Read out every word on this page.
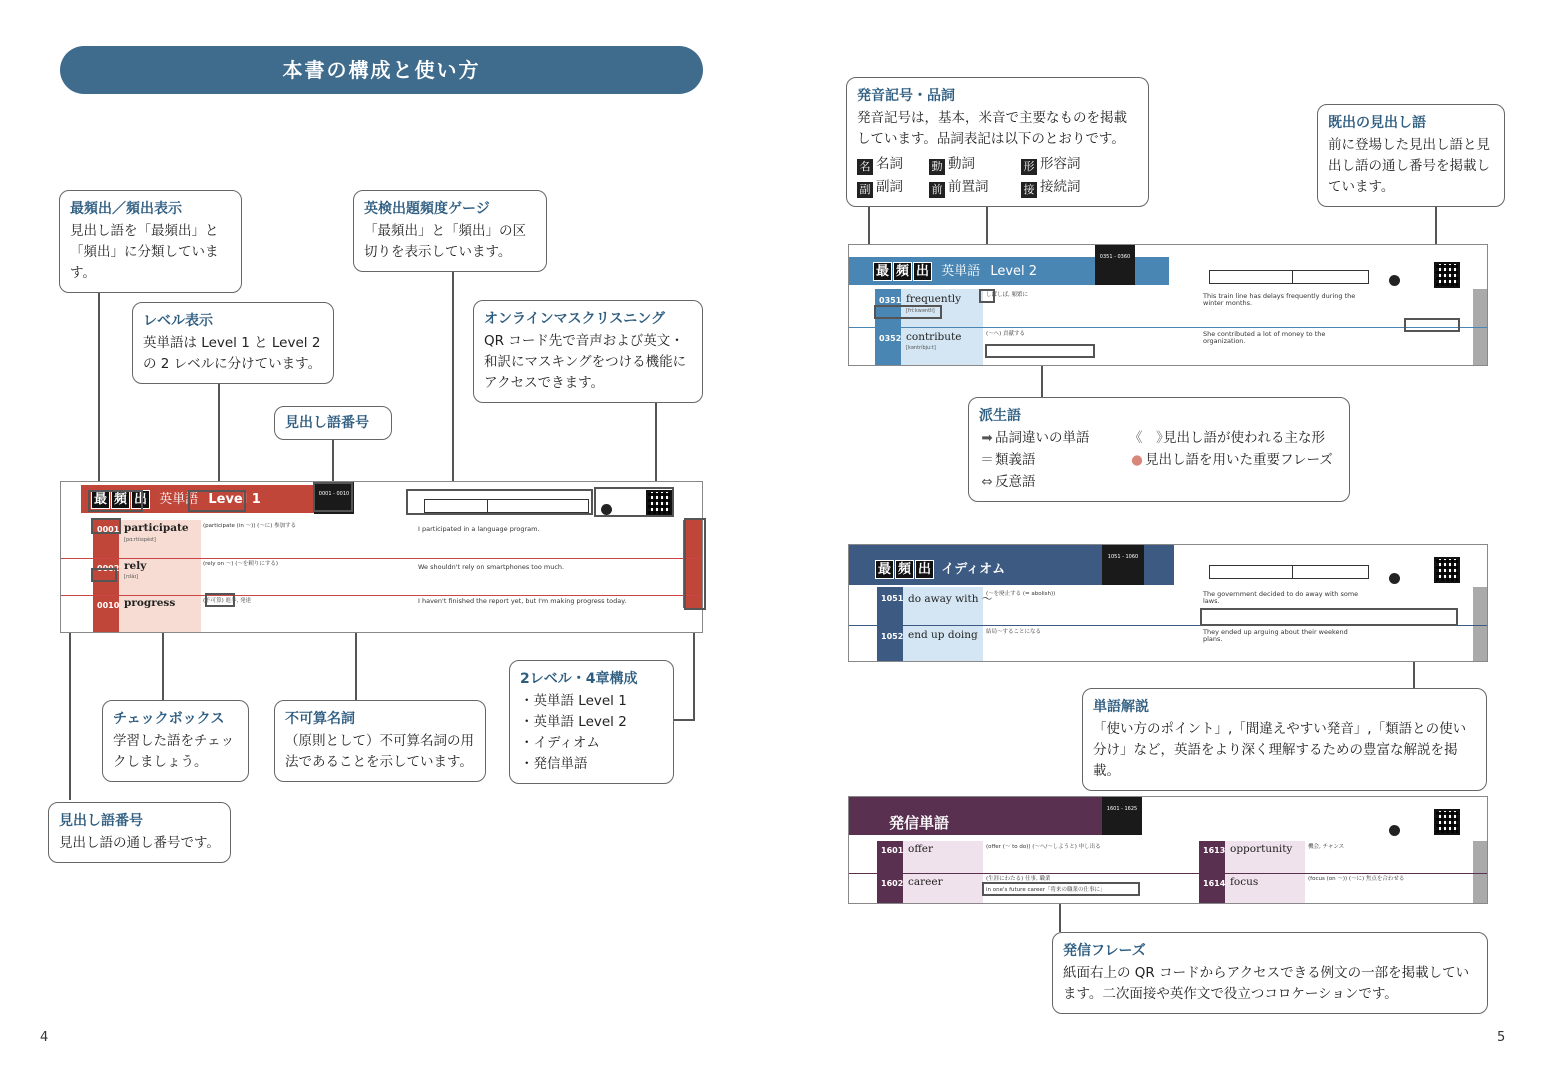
本書の構成と使い方
最 頻 出 英単語 Level 1	0001 - 0010
0001 participate
[pɑːrtísɪpèɪt]
(participate (in ～)) (～に) 参加する	I participated in a language program.
0002 rely
[rɪláɪ]
(rely on ～) (～を頼りにする)	We shouldn't rely on smartphones too much.
0010 progress	(不可算) 進歩, 発達	I haven't finished the report yet, but I'm making progress today.
最頻出／頻出表示
見出し語を「最頻出」と「頻出」に分類しています。
英検出題頻度ゲージ
「最頻出」と「頻出」の区切りを表示しています。
レベル表示
英単語は Level 1 と Level 2 の 2 レベルに分けています。
オンラインマスクリスニング
QR コード先で音声および英文・和訳にマスキングをつける機能にアクセスできます。
見出し語番号
チェックボックス
学習した語をチェックしましょう。
不可算名詞
（原則として）不可算名詞の用法であることを示しています。
2レベル・4章構成
・ 英単語 Level 1
・ 英単語 Level 2
・ イディオム
・ 発信単語
見出し語番号
見出し語の通し番号です。
4
発音記号・品詞
発音記号は，基本，米音で主要なものを掲載しています。品詞表記は以下のとおりです。
名 名詞	動 動詞	形 形容詞
副 副詞	前 前置詞	接 接続詞
既出の見出し語
前に登場した見出し語と見出し語の通し番号を掲載しています。
最 頻 出 英単語 Level 2
0351 - 0360
0351 frequently
[fríːkwəntli]
しばしば, 頻繁に	This train line has delays frequently during the winter months.
0352 contribute
[kəntríbjuːt]
(～へ) 貢献する	She contributed a lot of money to the organization.
派生語
➡ 品詞違いの単語	《　》見出し語が使われる主な形
＝類義語	● 見出し語を用いた重要フレーズ
⇔ 反意語
最 頻 出 イディオム
1051 - 1060
1051 do away with ～
(～を廃止する (= abolish))	The government decided to do away with some laws.
1052 end up doing 結局～することになる	They ended up arguing about their weekend plans.
単語解説
「使い方のポイント」,「間違えやすい発音」,「類語との使い分け」など，英語をより深く理解するための豊富な解説を掲載。
発信単語
1601 - 1625
1601 offer	(offer (～ to do)) (～へ/～しようと) 申し出る
1602 career	(生涯にわたる) 仕事, 職業
in one's future career「将来の職業の仕事に」
1613 opportunity	機会, チャンス
1614 focus	(focus (on ～)) (～に) 焦点を合わせる
発信フレーズ
紙面右上の QR コードからアクセスできる例文の一部を掲載しています。二次面接や英作文で役立つコロケーションです。
5
